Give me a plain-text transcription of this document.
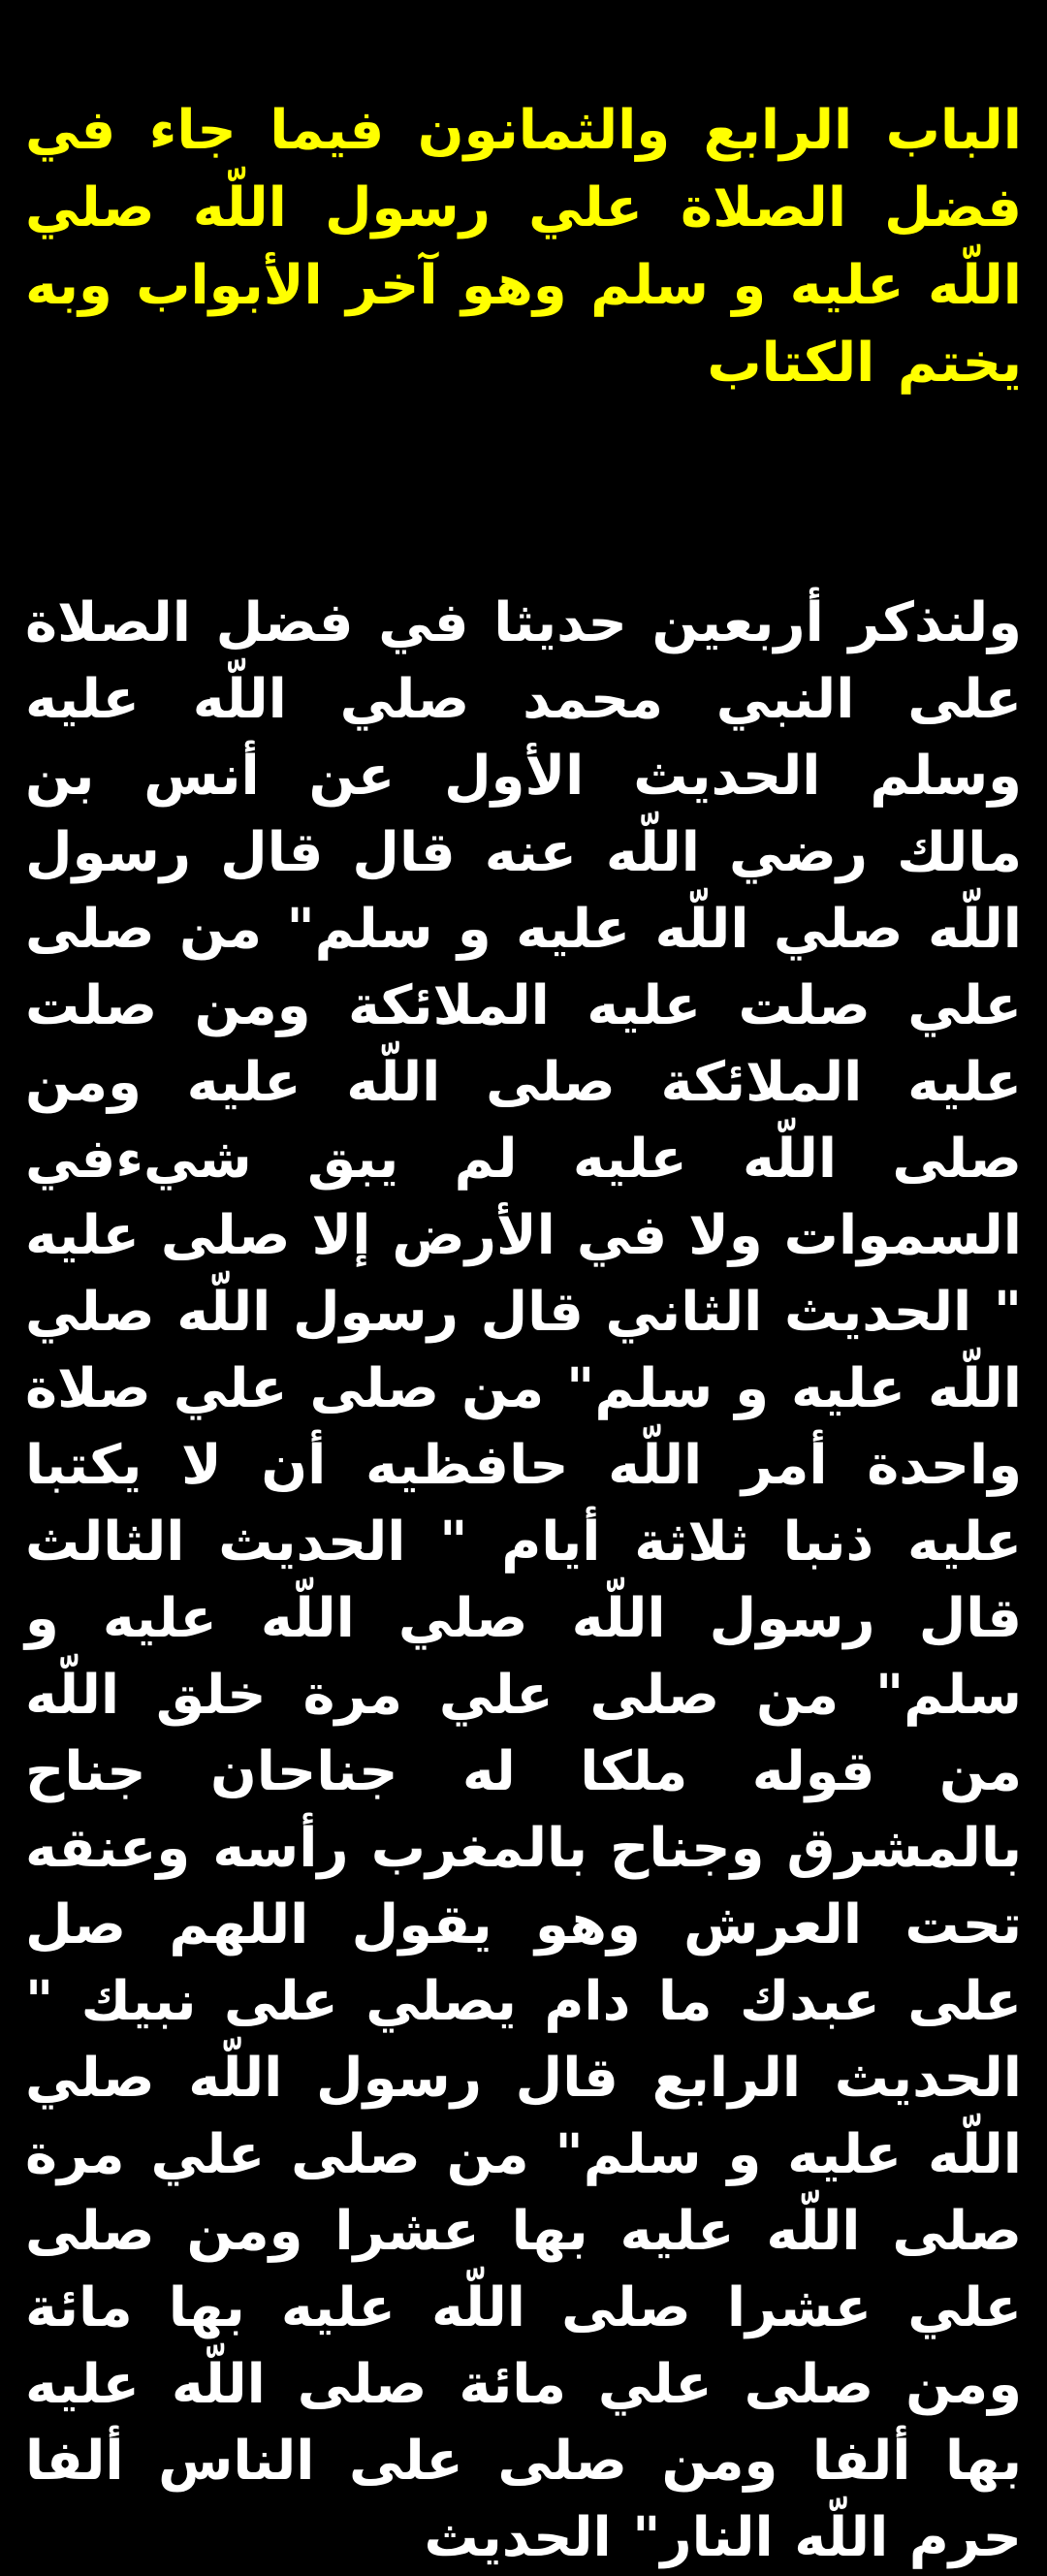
الباب الرابع والثمانون فيما جاء في فضل الصلاة علي رسول اللّه صلي اللّه عليه و سلم وهو آخر الأبواب وبه يختم الكتاب

ولنذكر أربعين حديثا في فضل الصلاة على النبي محمد صلي اللّه عليه وسلم الحديث الأول عن أنس بن مالك رضي اللّه عنه قال قال رسول اللّه صلي اللّه عليه و سلم" من صلى علي صلت عليه الملائكة ومن صلت عليه الملائكة صلى اللّه عليه ومن صلى اللّه عليه لم يبق شيءفي السموات ولا في الأرض إلا صلى عليه " الحديث الثاني قال رسول اللّه صلي اللّه عليه و سلم" من صلى علي صلاة واحدة أمر اللّه حافظيه أن لا يكتبا عليه ذنبا ثلاثة أيام " الحديث الثالث قال رسول اللّه صلي اللّه عليه و سلم" من صلى علي مرة خلق اللّه من قوله ملكا له جناحان جناح بالمشرق وجناح بالمغرب رأسه وعنقه تحت العرش وهو يقول اللهم صل على عبدك ما دام يصلي على نبيك " الحديث الرابع قال رسول اللّه صلي اللّه عليه و سلم" من صلى علي مرة صلى اللّه عليه بها عشرا ومن صلى علي عشرا صلى اللّه عليه بها مائة ومن صلى علي مائة صلى اللّه عليه بها ألفا ومن صلى على الناس ألفا حرم اللّه النار" الحديث
